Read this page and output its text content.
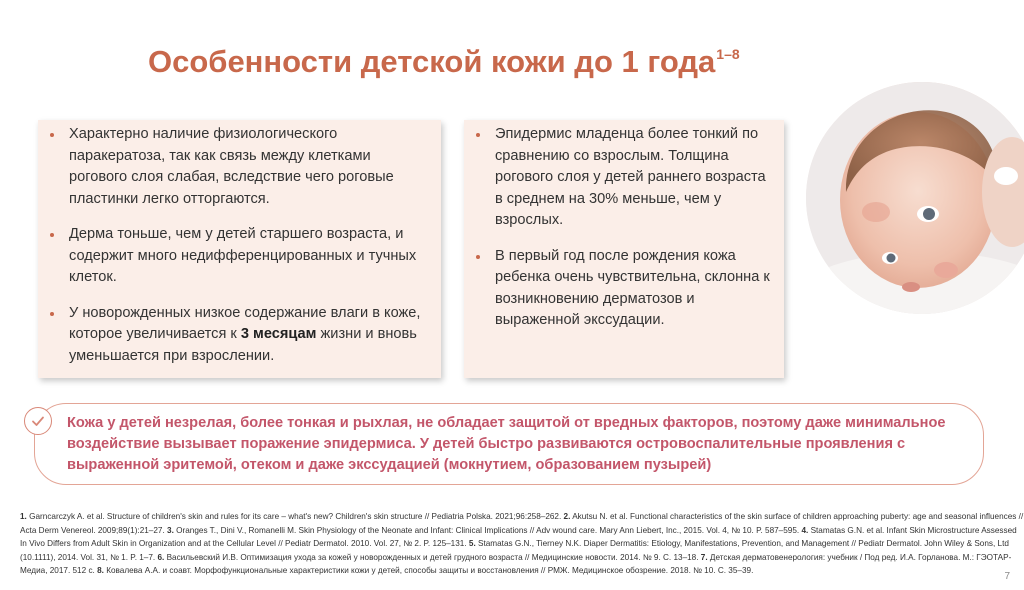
Особенности детской кожи до 1 года$^{1-8}$
Характерно наличие физиологического паракератоза, так как связь между клетками рогового слоя слабая, вследствие чего роговые пластинки легко отторгаются.
Дерма тоньше, чем у детей старшего возраста, и содержит много недифференцированных и тучных клеток.
У новорожденных низкое содержание влаги в коже, которое увеличивается к 3 месяцам жизни и вновь уменьшается при взрослении.
Эпидермис младенца более тонкий по сравнению со взрослым. Толщина рогового слоя у детей раннего возраста в среднем на 30% меньше, чем у взрослых.
В первый год после рождения кожа ребенка очень чувствительна, склонна к возникновению дерматозов и выраженной экссудации.
Кожа у детей незрелая, более тонкая и рыхлая, не обладает защитой от вредных факторов, поэтому даже минимальное воздействие вызывает поражение эпидермиса. У детей быстро развиваются островоспалительные проявления с выраженной эритемой, отеком и даже экссудацией (мокнутием, образованием пузырей)
1. Garncarczyk A. et al. Structure of children's skin and rules for its care – what's new? Children's skin structure // Pediatria Polska. 2021;96:258–262. 2. Akutsu N. et al. Functional characteristics of the skin surface of children approaching puberty: age and seasonal influences // Acta Derm Venereol. 2009;89(1):21–27. 3. Oranges T., Dini V., Romanelli M. Skin Physiology of the Neonate and Infant: Clinical Implications // Adv wound care. Mary Ann Liebert, Inc., 2015. Vol. 4, № 10. P. 587–595. 4. Stamatas G.N. et al. Infant Skin Microstructure Assessed In Vivo Differs from Adult Skin in Organization and at the Cellular Level // Pediatr Dermatol. 2010. Vol. 27, № 2. P. 125–131. 5. Stamatas G.N., Tierney N.K. Diaper Dermatitis: Etiology, Manifestations, Prevention, and Management // Pediatr Dermatol. John Wiley & Sons, Ltd (10.1111), 2014. Vol. 31, № 1. P. 1–7. 6. Васильевский И.В. Оптимизация ухода за кожей у новорожденных и детей грудного возраста // Медицинские новости. 2014. № 9. С. 13–18. 7. Детская дерматовенерология: учебник / Под ред. И.А. Горланова. М.: ГЭОТАР-Медиа, 2017. 512 с. 8. Ковалева А.А. и соавт. Морфофункциональные характеристики кожи у детей, способы защиты и восстановления // РМЖ. Медицинское обозрение. 2018. № 10. С. 35–39.
7
